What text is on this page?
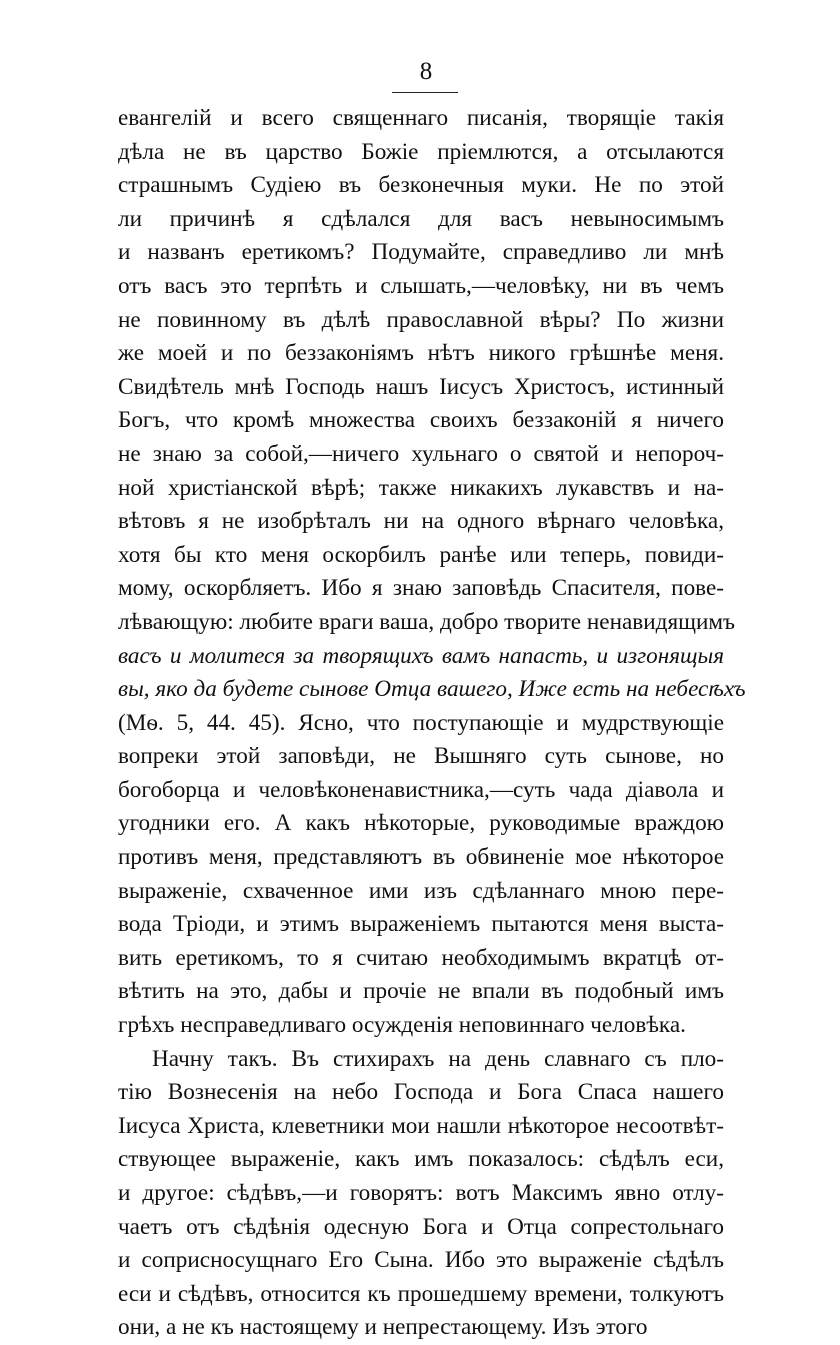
8
евангелій и всего священнаго писанія, творящіе такія
дѣла не въ царство Божіе пріемлются, а отсылаются
страшнымъ Судіею въ безконечныя муки. Не по этой
ли причинѣ я сдѣлался для васъ невыносимымъ
и названъ еретикомъ? Подумайте, справедливо ли мнѣ
отъ васъ это терпѣть и слышать,—человѣку, ни въ чемъ
не повинному въ дѣлѣ православной вѣры? По жизни
же моей и по беззаконіямъ нѣтъ никого грѣшнѣе меня.
Свидѣтель мнѣ Господь нашъ Іисусъ Христосъ, истинный
Богъ, что кромѣ множества своихъ беззаконій я ничего
не знаю за собой,—ничего хульнаго о святой и непороч-
ной христіанской вѣрѣ; также никакихъ лукавствъ и на-
вѣтовъ я не изобрѣталъ ни на одного вѣрнаго человѣка,
хотя бы кто меня оскорбилъ ранѣе или теперь, повиди-
мому, оскорбляетъ. Ибо я знаю заповѣдь Спасителя, пове-
лѣвающую: любите враги ваша, добро творите ненавидящимъ
васъ и молитеся за творящихъ вамъ напасть, и изгонящыя
вы, яко да будете сынове Отца вашего, Иже есть на небесѣхъ
(Мѳ. 5, 44. 45). Ясно, что поступающіе и мудрствующіе
вопреки этой заповѣди, не Вышняго суть сынове, но
богоборца и человѣконенавистника,—суть чада діавола и
угодники его. А какъ нѣкоторые, руководимые враждою
противъ меня, представляютъ въ обвиненіе мое нѣкоторое
выраженіе, схваченное ими изъ сдѣланнаго мною пере-
вода Тріоди, и этимъ выраженіемъ пытаются меня выста-
вить еретикомъ, то я считаю необходимымъ вкратцѣ от-
вѣтить на это, дабы и прочіе не впали въ подобный имъ
грѣхъ несправедливаго осужденія неповиннаго человѣка.
Начну такъ. Въ стихирахъ на день славнаго съ пло-
тію Вознесенія на небо Господа и Бога Спаса нашего
Іисуса Христа, клеветники мои нашли нѣкоторое несоотвѣт-
ствующее выраженіе, какъ имъ показалось: сѣдѣлъ еси,
и другое: сѣдѣвъ,—и говорятъ: вотъ Максимъ явно отлу-
чаетъ отъ сѣдѣнія одесную Бога и Отца сопрестольнаго
и соприсносущнаго Его Сына. Ибо это выраженіе сѣдѣлъ
еси и сѣдѣвъ, относится къ прошедшему времени, толкуютъ
они, а не къ настоящему и непрестающему. Изъ этого
